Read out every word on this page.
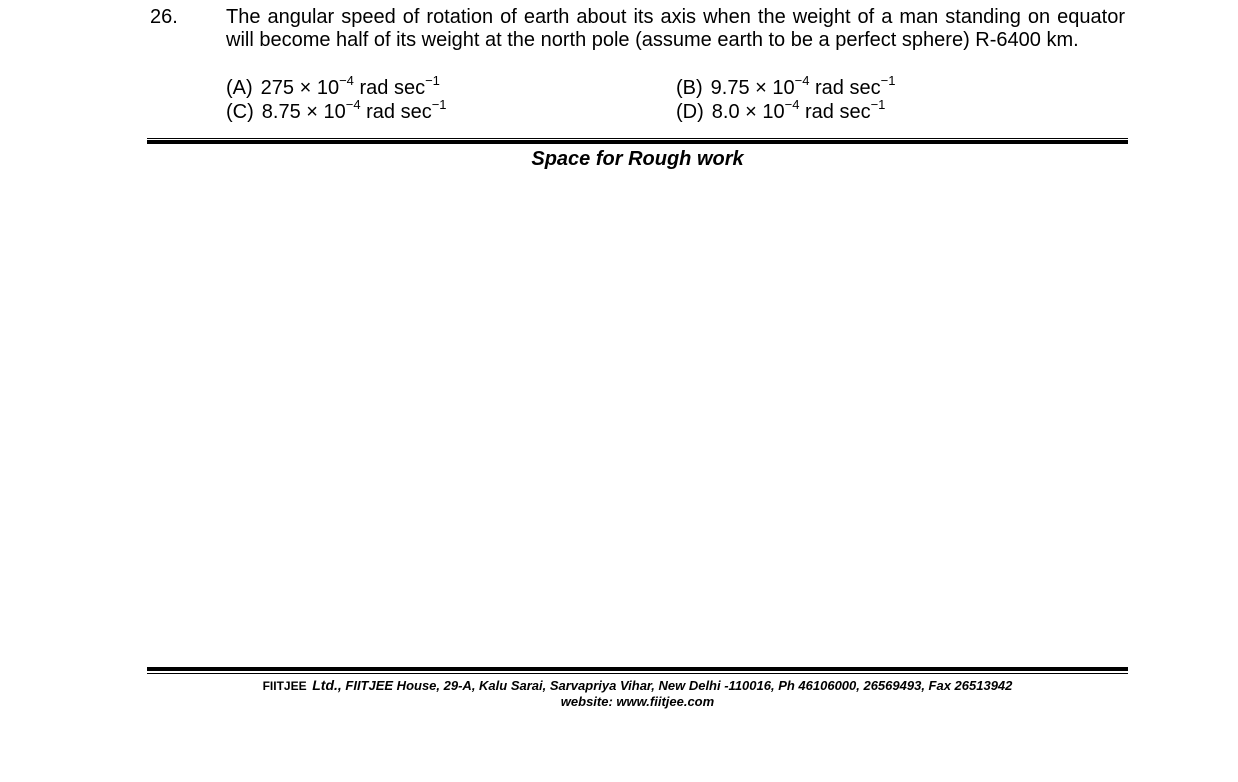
26. The angular speed of rotation of earth about its axis when the weight of a man standing on equator will become half of its weight at the north pole (assume earth to be a perfect sphere) R-6400 km.
(A) $275 \times 10^{-4}$ rad $\sec^{-1}$	(B) $9.75 \times 10^{-4}$ rad $\sec^{-1}$
(C) $8.75 \times 10^{-4}$ rad $\sec^{-1}$	(D) $8.0 \times 10^{-4}$ rad $\sec^{-1}$
Space for Rough work
FIITJEE Ltd., FIITJEE House, 29-A, Kalu Sarai, Sarvapriya Vihar, New Delhi -110016, Ph 46106000, 26569493, Fax 26513942
website: www.fiitjee.com
